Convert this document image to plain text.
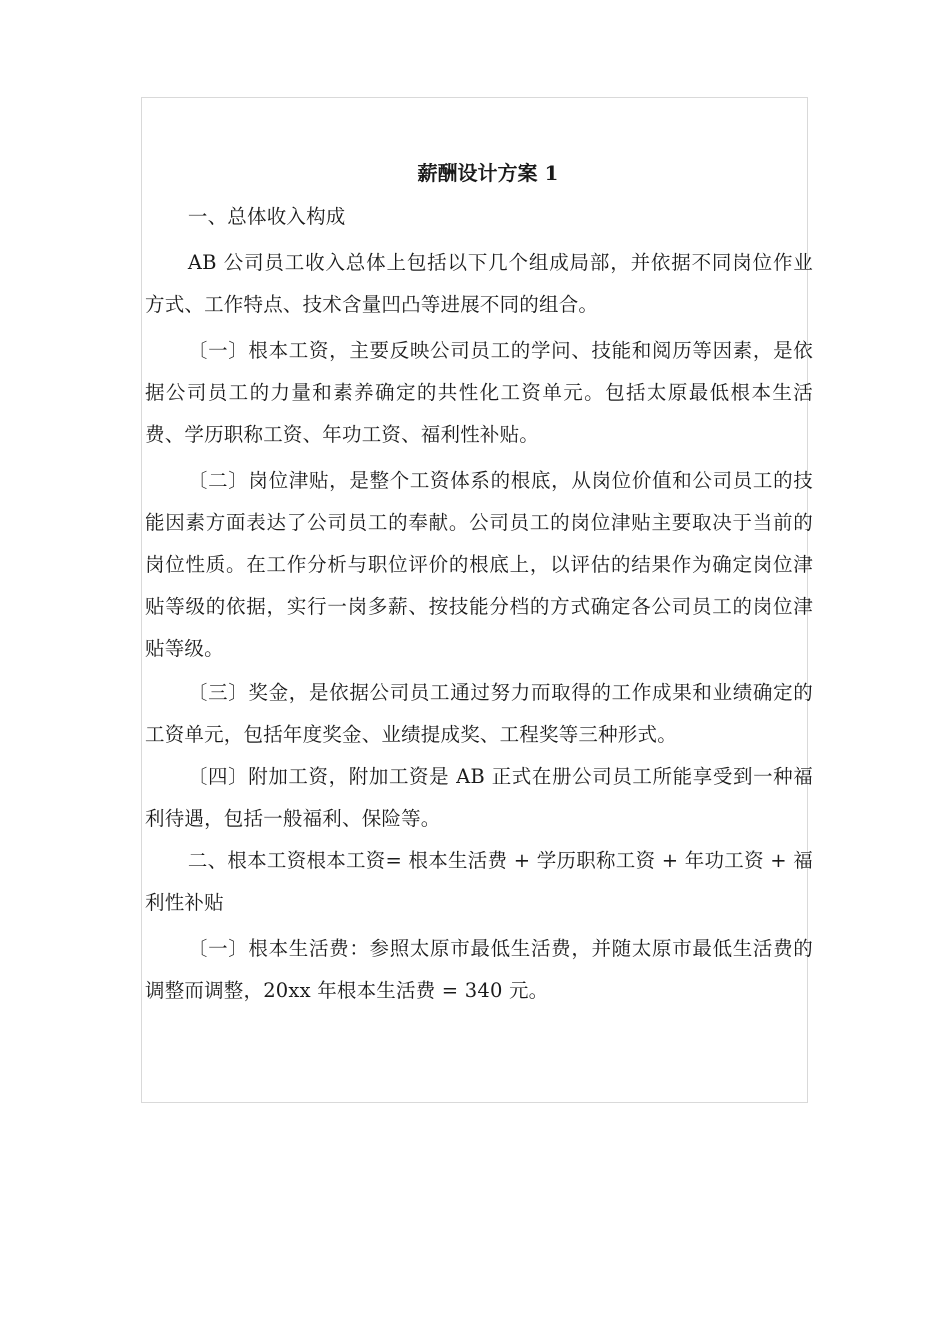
薪酬设计方案 1

一、总体收入构成

AB 公司员工收入总体上包括以下几个组成局部，并依据不同岗位作业方式、工作特点、技术含量凹凸等进展不同的组合。

〔一〕根本工资，主要反映公司员工的学问、技能和阅历等因素，是依据公司员工的力量和素养确定的共性化工资单元。包括太原最低根本生活费、学历职称工资、年功工资、福利性补贴。

〔二〕岗位津贴，是整个工资体系的根底，从岗位价值和公司员工的技能因素方面表达了公司员工的奉献。公司员工的岗位津贴主要取决于当前的岗位性质。在工作分析与职位评价的根底上，以评估的结果作为确定岗位津贴等级的依据，实行一岗多薪、按技能分档的方式确定各公司员工的岗位津贴等级。

〔三〕奖金，是依据公司员工通过努力而取得的工作成果和业绩确定的工资单元，包括年度奖金、业绩提成奖、工程奖等三种形式。

〔四〕附加工资，附加工资是 AB 正式在册公司员工所能享受到一种福利待遇，包括一般福利、保险等。

二、根本工资根本工资= 根本生活费 + 学历职称工资 + 年功工资 + 福利性补贴

〔一〕根本生活费：参照太原市最低生活费，并随太原市最低生活费的调整而调整，20xx 年根本生活费 = 340 元。
